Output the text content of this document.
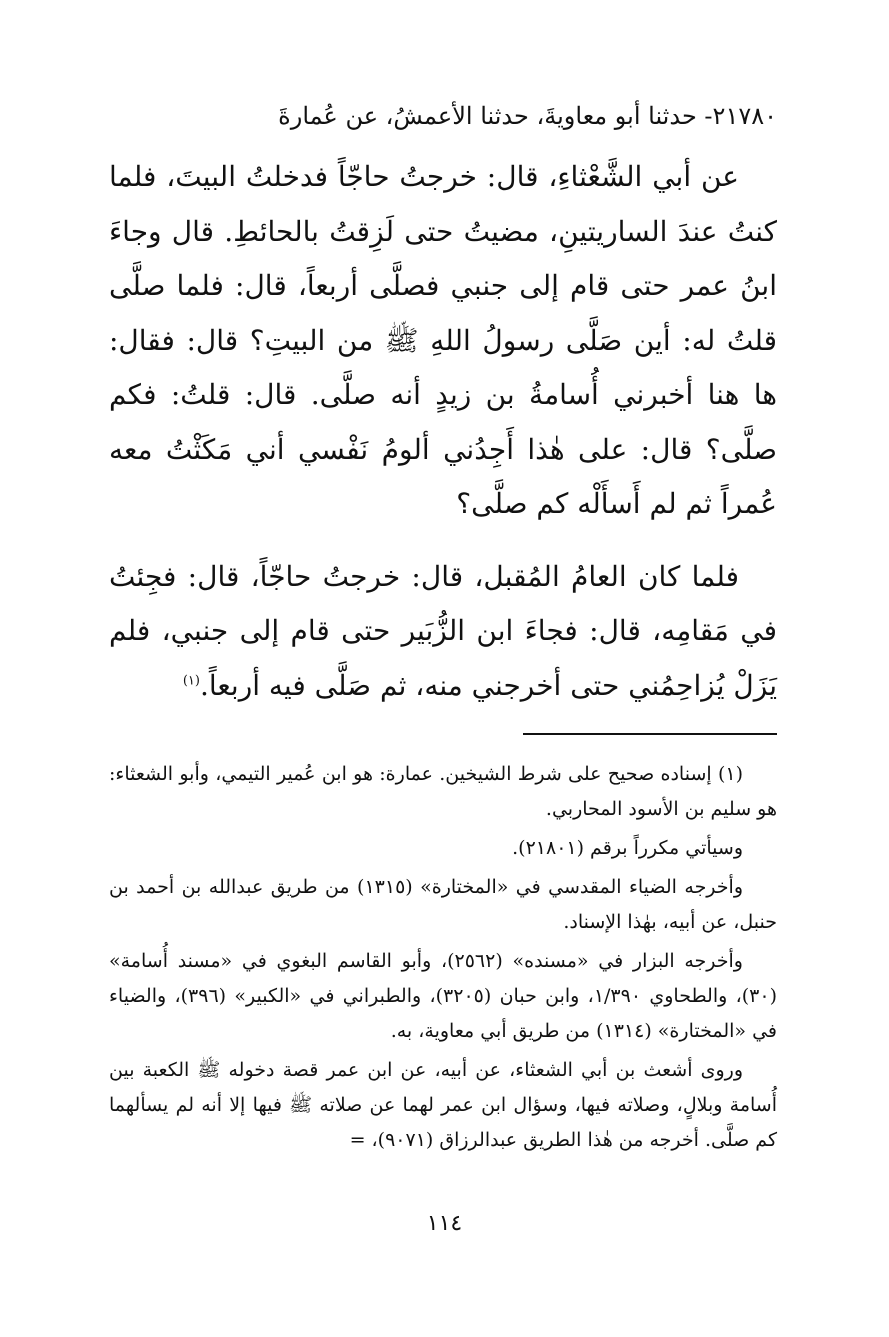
٢١٧٨٠- حدثنا أبو معاويةَ، حدثنا الأعمشُ، عن عُمارةَ

عن أبي الشَّعْثاءِ، قال: خرجتُ حاجّاً فدخلتُ البيتَ، فلما كنتُ عندَ الساريتينِ، مضيتُ حتى لَزِقتُ بالحائطِ. قال وجاءَ ابنُ عمر حتى قام إلى جنبي فصلَّى أربعاً، قال: فلما صلَّى قلتُ له: أين صَلَّى رسولُ اللهِ ﷺ من البيتِ؟ قال: فقال: ها هنا أخبرني أُسامةُ بن زيدٍ أنه صلَّى. قال: قلتُ: فكم صلَّى؟ قال: على هٰذا أَجِدُني ألومُ نَفْسي أني مَكَثْتُ معه عُمراً ثم لم أَسأَلْه كم صلَّى؟

فلما كان العامُ المُقبل، قال: خرجتُ حاجّاً، قال: فجِئتُ في مَقامِه، قال: فجاءَ ابن الزُّبَير حتى قام إلى جنبي، فلم يَزَلْ يُزاحِمُني حتى أخرجني منه، ثم صَلَّى فيه أربعاً.$^{(١)}$

(١) إسناده صحيح على شرط الشيخين. عمارة: هو ابن عُمير التيمي، وأبو الشعثاء: هو سليم بن الأسود المحاربي.

وسيأتي مكرراً برقم (٢١٨٠١).

وأخرجه الضياء المقدسي في «المختارة» (١٣١٥) من طريق عبدالله بن أحمد بن حنبل، عن أبيه، بهٰذا الإسناد.

وأخرجه البزار في «مسنده» (٢٥٦٢)، وأبو القاسم البغوي في «مسند أُسامة» (٣٠)، والطحاوي ١/٣٩٠، وابن حبان (٣٢٠٥)، والطبراني في «الكبير» (٣٩٦)، والضياء في «المختارة» (١٣١٤) من طريق أبي معاوية، به.

وروى أشعث بن أبي الشعثاء، عن أبيه، عن ابن عمر قصة دخوله ﷺ الكعبة بين أُسامة وبلالٍ، وصلاته فيها، وسؤال ابن عمر لهما عن صلاته ﷺ فيها إلا أنه لم يسألهما كم صلَّى. أخرجه من هٰذا الطريق عبدالرزاق (٩٠٧١)، =

١١٤
